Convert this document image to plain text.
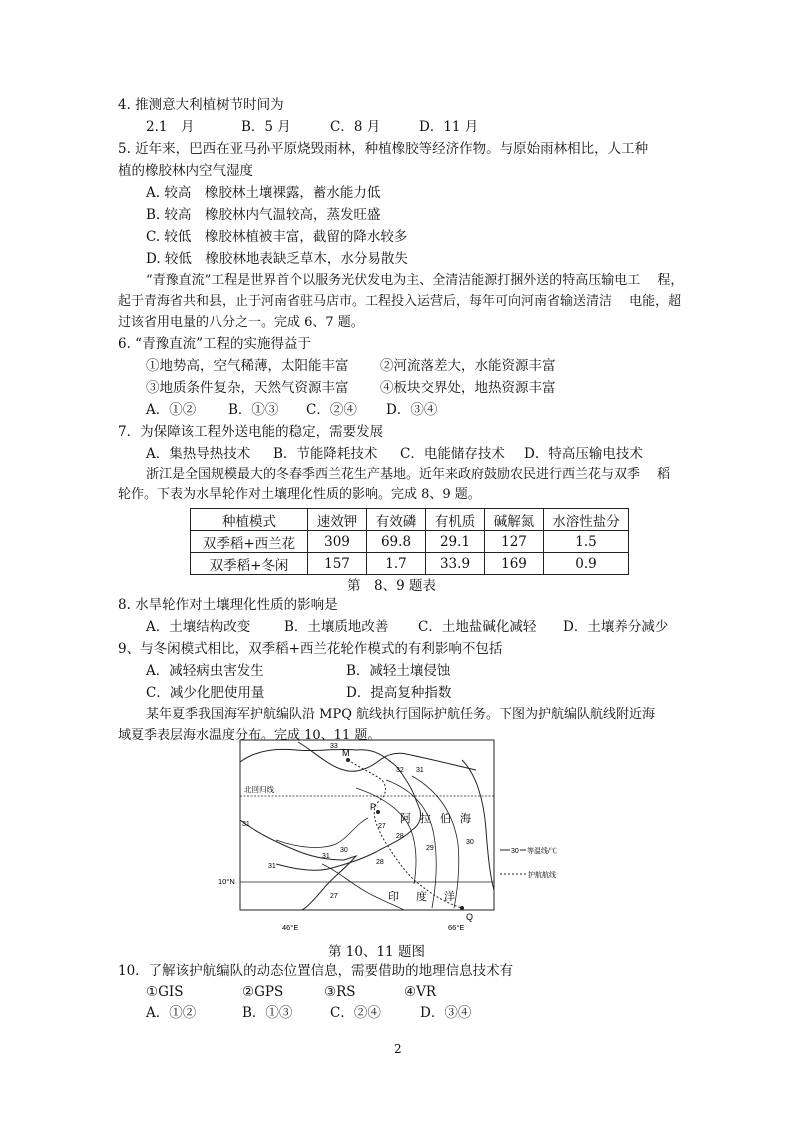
4. 推测意大利植树节时间为
2.1　月	B．5 月	C．8 月	D．11 月
5. 近年来，巴西在亚马孙平原烧毁雨林，种植橡胶等经济作物。与原始雨林相比，人工种
植的橡胶林内空气湿度
A. 较高　橡胶林土壤裸露，蓄水能力低
B. 较高　橡胶林内气温较高，蒸发旺盛
C. 较低　橡胶林植被丰富，截留的降水较多
D. 较低　橡胶林地表缺乏草木，水分易散失
“青豫直流”工程是世界首个以服务光伏发电为主、全清洁能源打捆外送的特高压输电工　 程，
起于青海省共和县，止于河南省驻马店市。工程投入运营后，每年可向河南省输送清洁　 电能，超
过该省用电量的八分之一。完成 6、7 题。
6. “青豫直流”工程的实施得益于
①地势高，空气稀薄，太阳能丰富 ②河流落差大，水能资源丰富
③地质条件复杂，天然气资源丰富 ④板块交界处，地热资源丰富
A．①② B．①③ C．②④ D．③④
7．为保障该工程外送电能的稳定，需要发展
A．集热导热技术 B．节能降耗技术 C．电能储存技术 D．特高压输电技术
浙江是全国规模最大的冬春季西兰花生产基地。近年来政府鼓励农民进行西兰花与双季　 稻
轮作。下表为水旱轮作对土壤理化性质的影响。完成 8、9 题。
种植模式	速效钾	有效磷	有机质	碱解氮	水溶性盐分
双季稻+西兰花	309	69.8	29.1	127	1.5
双季稻+冬闲	157	1.7	33.9	169	0.9
第　8、9 题表
8. 水旱轮作对土壤理化性质的影响是
A．土壤结构改变	B．土壤质地改善 C．土地盐碱化减轻 D．土壤养分减少
9、与冬闲模式相比，双季稻+西兰花轮作模式的有利影响不包括
A．减轻病虫害发生	B．减轻土壤侵蚀
C．减少化肥使用量	D．提高复种指数
某年夏季我国海军护航编队沿 MPQ 航线执行国际护航任务。下图为护航编队航线附近海
域夏季表层海水温度分布。完成 10、11 题。
北回归线
10°N
M
P
Q
33
32 31
31	27
28
29
30
31
30
31
28
27
阿 拉 伯 海
印 度 洋
46°E	66°E
30 等温线/℃
护航航线
第 10、11 题图
10．了解该护航编队的动态位置信息，需要借助的地理信息技术有
①GIS	②GPS	③RS	④VR
A．①②	B．①③	C．②④	D．③④
2
